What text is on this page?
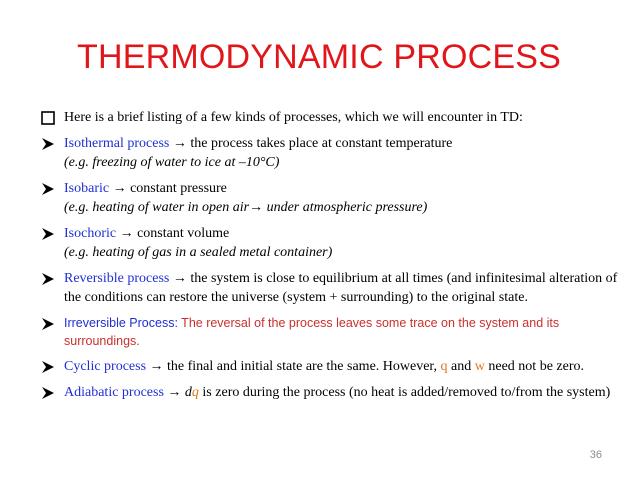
THERMODYNAMIC PROCESS
Here is a brief listing of a few kinds of processes, which we will encounter in TD:
Isothermal process → the process takes place at constant temperature
(e.g. freezing of water to ice at –10°C)
Isobaric → constant pressure
(e.g. heating of water in open air→ under atmospheric pressure)
Isochoric → constant volume
(e.g. heating of gas in a sealed metal container)
Reversible process → the system is close to equilibrium at all times (and infinitesimal alteration of the conditions can restore the universe (system + surrounding) to the original state.
Irreversible Process: The reversal of the process leaves some trace on the system and its surroundings.
Cyclic process → the final and initial state are the same. However, q and w need not be zero.
Adiabatic process → dq is zero during the process (no heat is added/removed to/from the system)
36
